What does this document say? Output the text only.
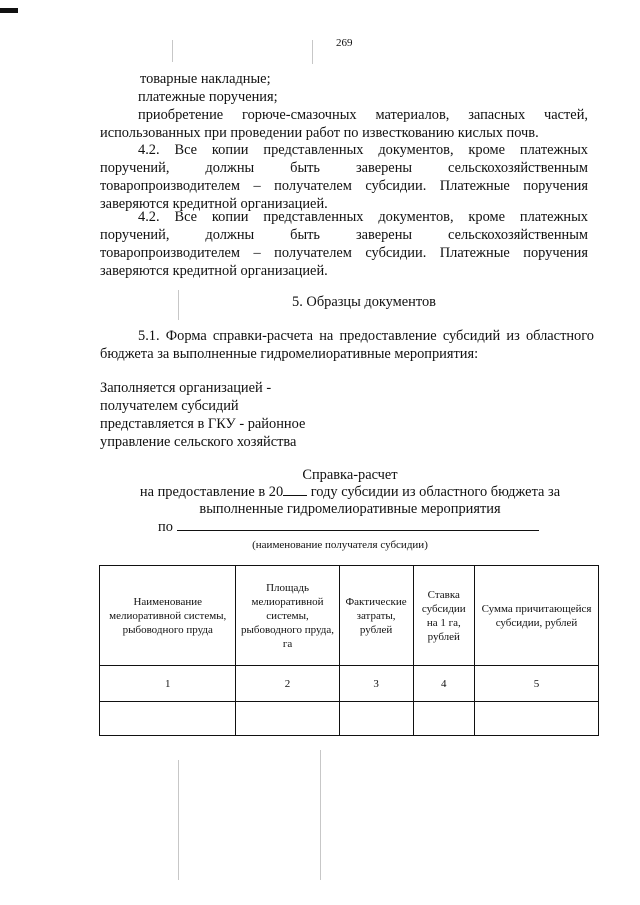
269
товарные накладные;
платежные поручения;
приобретение горюче-смазочных материалов, запасных частей,
использованных при проведении работ по известкованию кислых почв.
4.2. Все копии представленных документов, кроме платежных
поручений, должны быть заверены сельскохозяйственным
товаропроизводителем – получателем субсидии. Платежные поручения
заверяются кредитной организацией.
4.2. Все копии представленных документов, кроме платежных
поручений, должны быть заверены сельскохозяйственным
товаропроизводителем – получателем субсидии. Платежные поручения
заверяются кредитной организацией.
5. Образцы документов
5.1. Форма справки-расчета на предоставление субсидий из областного
бюджета за выполненные гидромелиоративные мероприятия:
Заполняется организацией -
получателем субсидий
представляется в ГКУ - районное
управление сельского хозяйства
Справка-расчет
на предоставление в 20 году субсидии из областного бюджета за
выполненные гидромелиоративные мероприятия
по
(наименование получателя субсидии)
Наименование мелиоративной системы, рыбоводного пруда	Площадь мелиоративной системы, рыбоводного пруда, га	Фактические затраты, рублей	Ставка субсидии на 1 га, рублей	Сумма причитающейся субсидии, рублей
1	2	3	4	5
